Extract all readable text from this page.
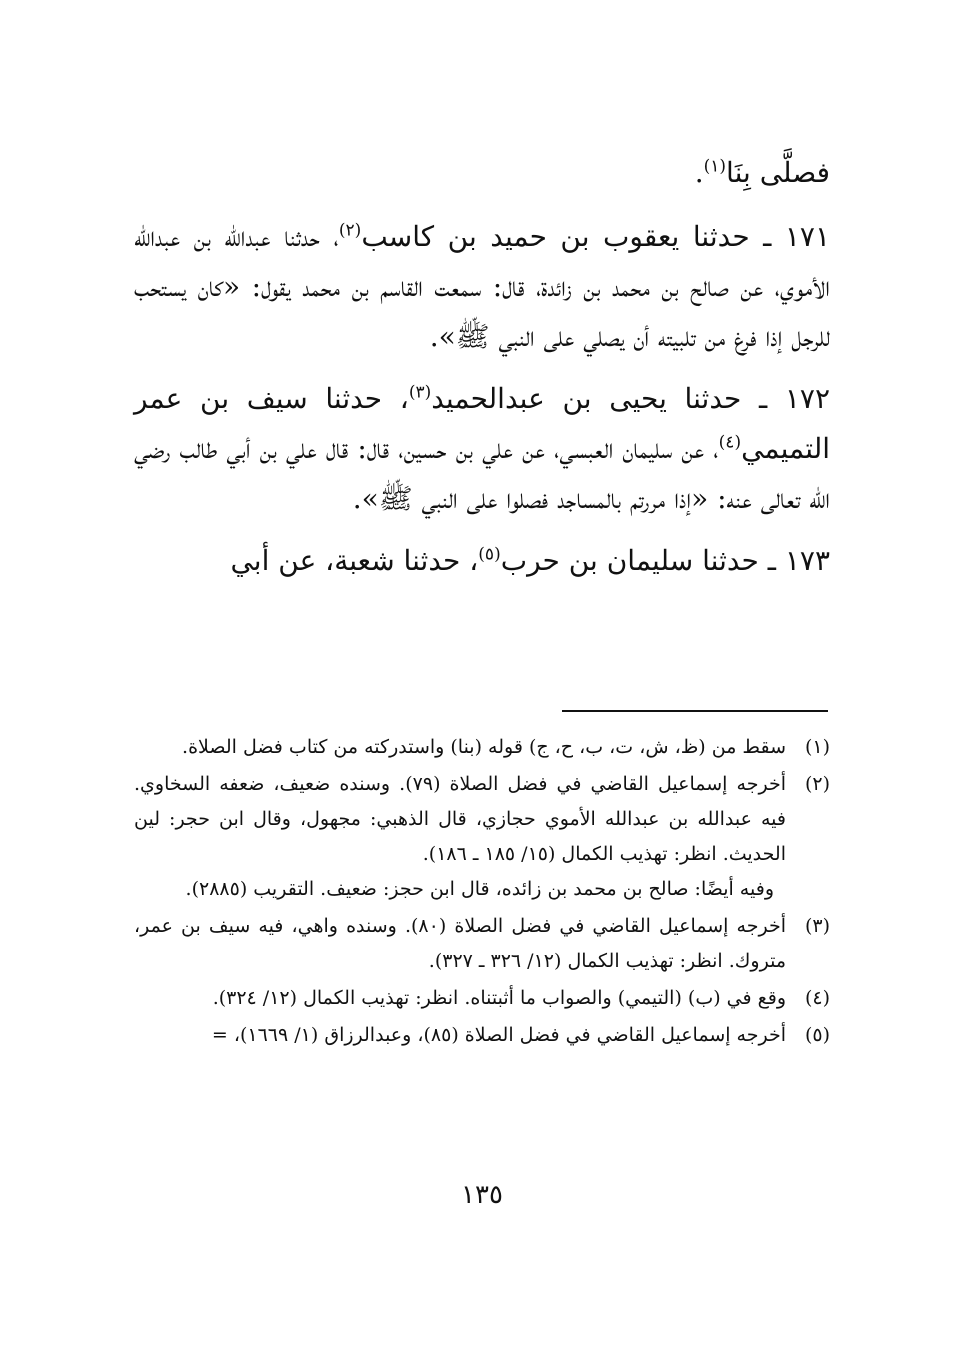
فصلَّى بِنَا$^{(١)}$.

١٧١ ـ حدثنا يعقوب بن حميد بن كاسب$^{(٢)}$، حدثنا عبدالله بن عبدالله الأموي، عن صالح بن محمد بن زائدة، قال: سمعت القاسم بن محمد يقول: «كان يستحب للرجل إذا فرغ من تلبيته أن يصلي على النبي ﷺ».

١٧٢ ـ حدثنا يحيى بن عبدالحميد$^{(٣)}$، حدثنا سيف بن عمر التميمي$^{(٤)}$، عن سليمان العبسي، عن علي بن حسين، قال: قال علي بن أبي طالب رضي الله تعالى عنه: «إذا مررتم بالمساجد فصلوا على النبي ﷺ».

١٧٣ ـ حدثنا سليمان بن حرب$^{(٥)}$، حدثنا شعبة، عن أبي

(١)
سقط من (ظ، ش، ت، ب، ح، ج) قوله (بنا) واستدركته من كتاب فضل الصلاة.
(٢)
أخرجه إسماعيل القاضي في فضل الصلاة (٧٩). وسنده ضعيف، ضعفه السخاوي. فيه عبدالله بن عبدالله الأموي حجازي، قال الذهبي: مجهول، وقال ابن حجر: لين الحديث. انظر: تهذيب الكمال (١٥/ ١٨٥ ـ ١٨٦).
وفيه أيضًا: صالح بن محمد بن زائده، قال ابن حجز: ضعيف. التقريب (٢٨٨٥).
(٣)
أخرجه إسماعيل القاضي في فضل الصلاة (٨٠). وسنده واهي، فيه سيف بن عمر، متروك. انظر: تهذيب الكمال (١٢/ ٣٢٦ ـ ٣٢٧).
(٤)
وقع في (ب) (التيمي) والصواب ما أثبتناه. انظر: تهذيب الكمال (١٢/ ٣٢٤).
(٥)
أخرجه إسماعيل القاضي في فضل الصلاة (٨٥)، وعبدالرزاق (١/ ١٦٦٩)، =
١٣٥
